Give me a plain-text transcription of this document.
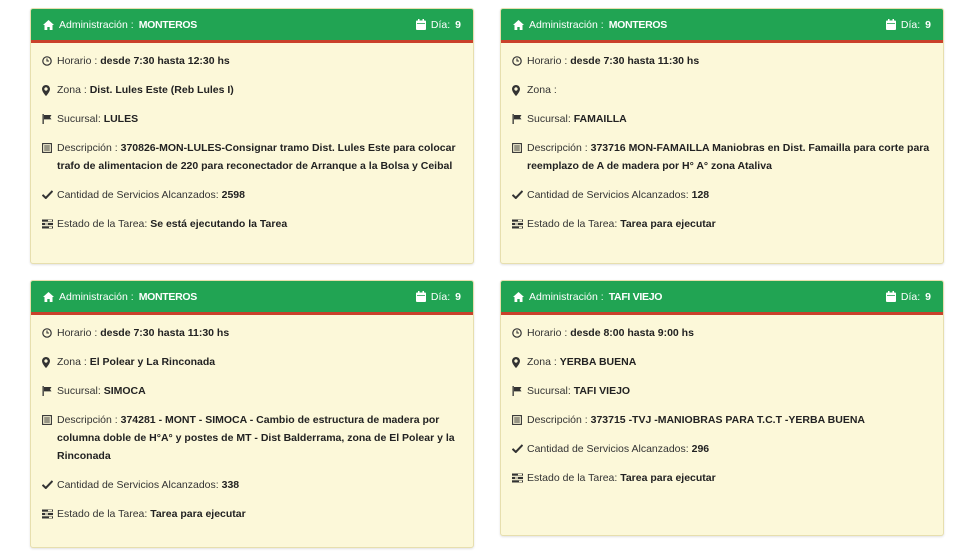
Administración : MONTEROS	Día: 9
Horario : desde 7:30 hasta 12:30 hs
Zona : Dist. Lules Este (Reb Lules I)
Sucursal: LULES
Descripción : 370826-MON-LULES-Consignar tramo Dist. Lules Este para colocar trafo de alimentacion de 220 para reconectador de Arranque a la Bolsa y Ceibal
Cantidad de Servicios Alcanzados: 2598
Estado de la Tarea: Se está ejecutando la Tarea
Administración : MONTEROS	Día: 9
Horario : desde 7:30 hasta 11:30 hs
Zona :
Sucursal: FAMAILLA
Descripción : 373716 MON-FAMAILLA Maniobras en Dist. Famailla para corte para reemplazo de A de madera por H° A° zona Ataliva
Cantidad de Servicios Alcanzados: 128
Estado de la Tarea: Tarea para ejecutar
Administración : MONTEROS	Día: 9
Horario : desde 7:30 hasta 11:30 hs
Zona : El Polear y La Rinconada
Sucursal: SIMOCA
Descripción : 374281 - MONT - SIMOCA - Cambio de estructura de madera por columna doble de H°A° y postes de MT - Dist Balderrama, zona de El Polear y la Rinconada
Cantidad de Servicios Alcanzados: 338
Estado de la Tarea: Tarea para ejecutar
Administración : TAFI VIEJO	Día: 9
Horario : desde 8:00 hasta 9:00 hs
Zona : YERBA BUENA
Sucursal: TAFI VIEJO
Descripción : 373715 -TVJ -MANIOBRAS PARA T.C.T -YERBA BUENA
Cantidad de Servicios Alcanzados: 296
Estado de la Tarea: Tarea para ejecutar
